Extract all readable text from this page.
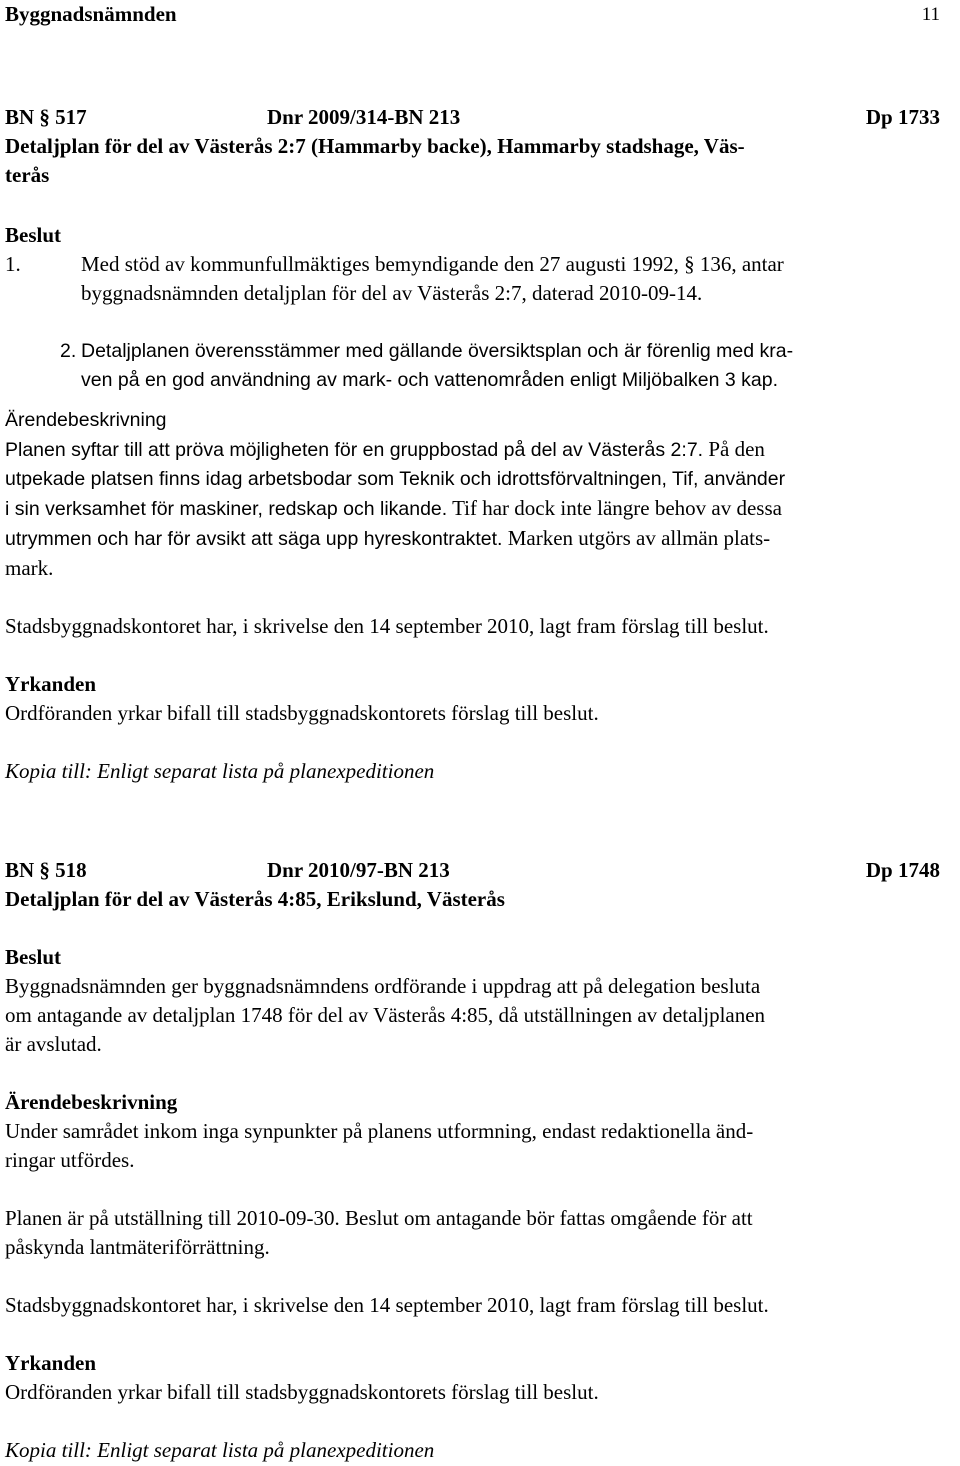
Byggnadsnämnden	11
BN § 517	Dnr 2009/314-BN 213	Dp 1733
Detaljplan för del av Västerås 2:7 (Hammarby backe), Hammarby stadshage, Väs-
terås
Beslut
1.	Med stöd av kommunfullmäktiges bemyndigande den 27 augusti 1992, § 136, antar
byggnadsnämnden detaljplan för del av Västerås 2:7, daterad 2010-09-14.
2. Detaljplanen överensstämmer med gällande översiktsplan och är förenlig med kra-
ven på en god användning av mark- och vattenområden enligt Miljöbalken 3 kap.
Ärendebeskrivning
Planen syftar till att pröva möjligheten för en gruppbostad på del av Västerås 2:7. På den
utpekade platsen finns idag arbetsbodar som Teknik och idrottsförvaltningen, Tif, använder
i sin verksamhet för maskiner, redskap och likande. Tif har dock inte längre behov av dessa
utrymmen och har för avsikt att säga upp hyreskontraktet. Marken utgörs av allmän plats-
mark.
Stadsbyggnadskontoret har, i skrivelse den 14 september 2010, lagt fram förslag till beslut.
Yrkanden
Ordföranden yrkar bifall till stadsbyggnadskontorets förslag till beslut.
Kopia till: Enligt separat lista på planexpeditionen
BN § 518	Dnr 2010/97-BN 213	Dp 1748
Detaljplan för del av Västerås 4:85, Erikslund, Västerås
Beslut
Byggnadsnämnden ger byggnadsnämndens ordförande i uppdrag att på delegation besluta
om antagande av detaljplan 1748 för del av Västerås 4:85, då utställningen av detaljplanen
är avslutad.
Ärendebeskrivning
Under samrådet inkom inga synpunkter på planens utformning, endast redaktionella änd-
ringar utfördes.
Planen är på utställning till 2010-09-30. Beslut om antagande bör fattas omgående för att
påskynda lantmäteriförrättning.
Stadsbyggnadskontoret har, i skrivelse den 14 september 2010, lagt fram förslag till beslut.
Yrkanden
Ordföranden yrkar bifall till stadsbyggnadskontorets förslag till beslut.
Kopia till: Enligt separat lista på planexpeditionen
